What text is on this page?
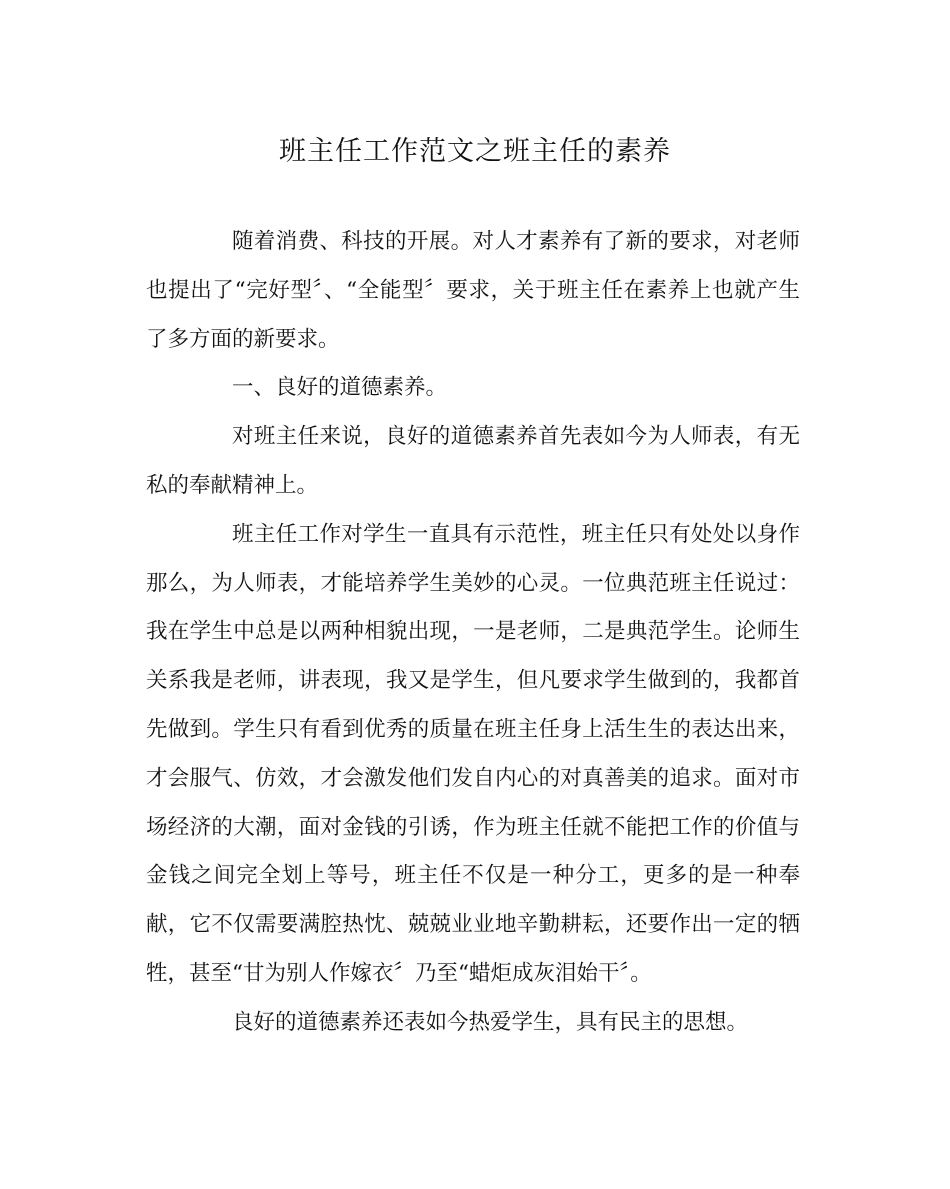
班主任工作范文之班主任的素养

随着消费、科技的开展。对人才素养有了新的要求，对老师也提出了“完好型〞、“全能型〞要求，关于班主任在素养上也就产生了多方面的新要求。

一、良好的道德素养。

对班主任来说，良好的道德素养首先表如今为人师表，有无私的奉献精神上。

班主任工作对学生一直具有示范性，班主任只有处处以身作那么，为人师表，才能培养学生美妙的心灵。一位典范班主任说过：我在学生中总是以两种相貌出现，一是老师，二是典范学生。论师生关系我是老师，讲表现，我又是学生，但凡要求学生做到的，我都首先做到。学生只有看到优秀的质量在班主任身上活生生的表达出来，才会服气、仿效，才会激发他们发自内心的对真善美的追求。面对市场经济的大潮，面对金钱的引诱，作为班主任就不能把工作的价值与金钱之间完全划上等号，班主任不仅是一种分工，更多的是一种奉献，它不仅需要满腔热忱、兢兢业业地辛勤耕耘，还要作出一定的牺牲，甚至“甘为别人作嫁衣〞乃至“蜡炬成灰泪始干〞。

良好的道德素养还表如今热爱学生，具有民主的思想。
